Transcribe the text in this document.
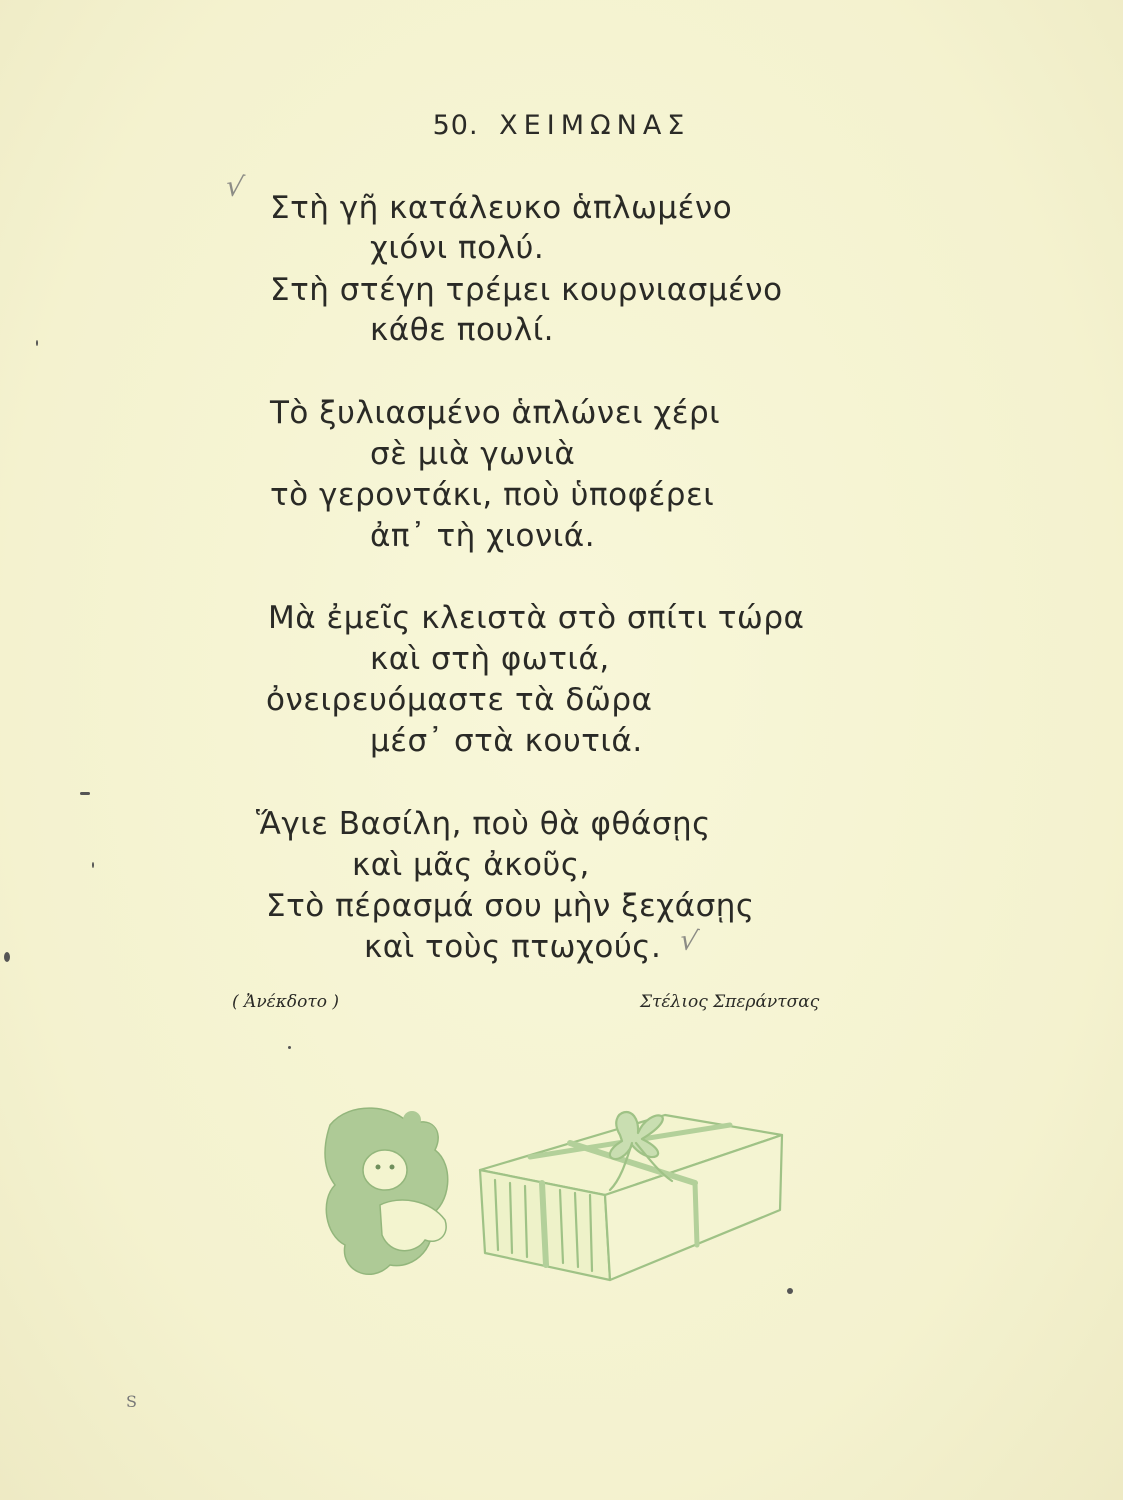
50. ΧΕΙΜΩΝΑΣ
√
Στὴ γῆ κατάλευκο ἁπλωμένο
χιόνι πολύ.
Στὴ στέγη τρέμει κουρνιασμένο
κάθε πουλί.
Τὸ ξυλιασμένο ἁπλώνει χέρι
σὲ μιὰ γωνιὰ
τὸ γεροντάκι, ποὺ ὑποφέρει
ἀπ᾽ τὴ χιονιά.
Μὰ ἐμεῖς κλειστὰ στὸ σπίτι τώρα
καὶ στὴ φωτιά,
ὀνειρευόμαστε τὰ δῶρα
μέσ᾽ στὰ κουτιά.
Ἅγιε Βασίλη, ποὺ θὰ φθάσῃς
καὶ μᾶς ἀκοῦς,
Στὸ πέρασμά σου μὴν ξεχάσῃς
καὶ τοὺς πτωχούς. √
( Ἀνέκδοτο )	Στέλιος Σπεράντσας
S
